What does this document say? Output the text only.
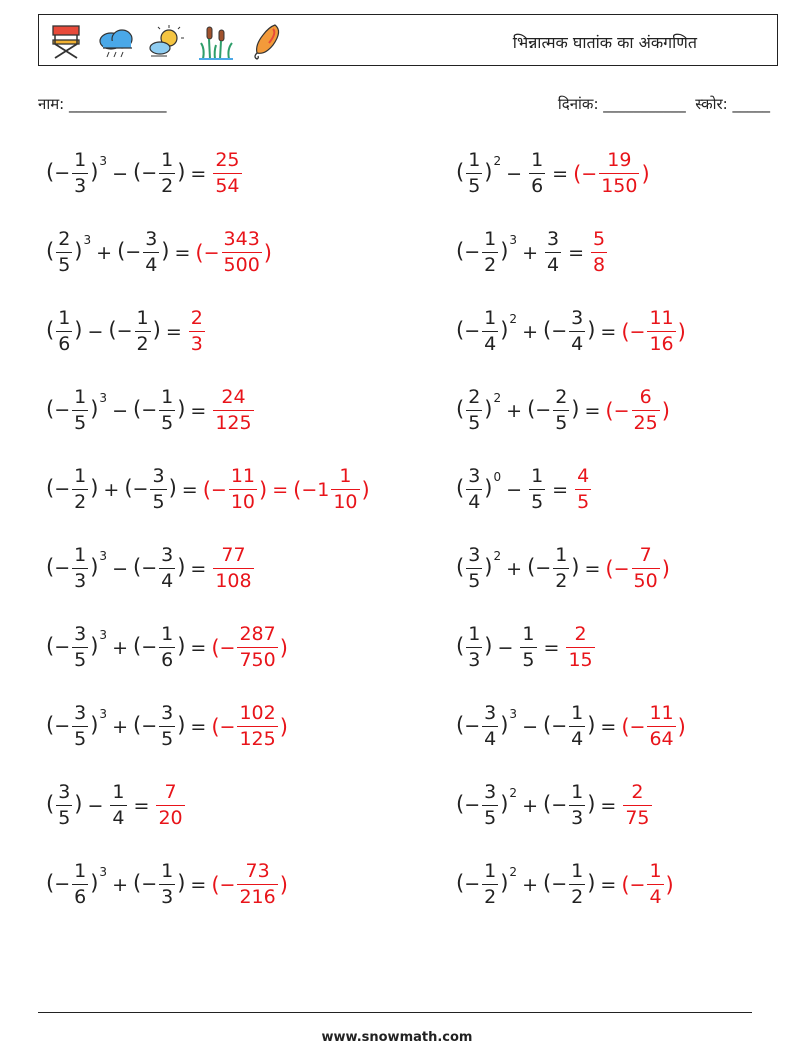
भिन्नात्मक घातांक का अंकगणित
नाम: _____________	दिनांक: ___________  स्कोर: _____
(− $\frac{1}{3} )^3$
− (− $\frac{1}{2}$ ) = $\frac{25}{54}$	( $\frac{1}{5} )^2$
− $\frac{1}{6}$ = ( − $\frac{19}{150}$ )
( $\frac{2}{5} )^3$
+ (− $\frac{3}{4}$ ) = ( − $\frac{343}{500}$ )	(− $\frac{1}{2} )^3$
+ $\frac{3}{4} = \frac{5}{8}$
( $\frac{1}{6}$ ) − (− $\frac{1}{2}$ ) = $\frac{2}{3}$	(− $\frac{1}{4} )^2$
+ (− $\frac{3}{4}$ ) = ( − $\frac{11}{16}$ )
(− $\frac{1}{5} )^3$
− (− $\frac{1}{5}$ ) = $\frac{24}{125}$	( $\frac{2}{5} )^2$
+ (− $\frac{2}{5}$ ) = ( − $\frac{6}{25}$ )
(− $\frac{1}{2}$ ) + (− $\frac{3}{5}$ ) = ( − $\frac{11}{10}$ ) = ( − $1 \frac{1}{10}$ )	( $\frac{3}{4} )^0$
− $\frac{1}{5} = \frac{4}{5}$
(− $\frac{1}{3} )^3$
− (− $\frac{3}{4}$ ) = $\frac{77}{108}$	( $\frac{3}{5} )^2$
+ (− $\frac{1}{2}$ ) = ( − $\frac{7}{50}$ )
(− $\frac{3}{5} )^3$
+ (− $\frac{1}{6}$ ) = ( − $\frac{287}{750}$ )	( $\frac{1}{3}$ ) − $\frac{1}{5} = \frac{2}{15}$
(− $\frac{3}{5} )^3$
+ (− $\frac{3}{5}$ ) = ( − $\frac{102}{125}$ )	(− $\frac{3}{4} )^3$
− (− $\frac{1}{4}$ ) = ( − $\frac{11}{64}$ )
( $\frac{3}{5}$ ) − $\frac{1}{4} = \frac{7}{20}$	(− $\frac{3}{5} )^2$
+ (− $\frac{1}{3}$ ) = $\frac{2}{75}$
(− $\frac{1}{6} )^3$
+ (− $\frac{1}{3}$ ) = ( − $\frac{73}{216}$ )	(− $\frac{1}{2} )^2$
+ (− $\frac{1}{2}$ ) = ( − $\frac{1}{4}$ )
www.snowmath.com
